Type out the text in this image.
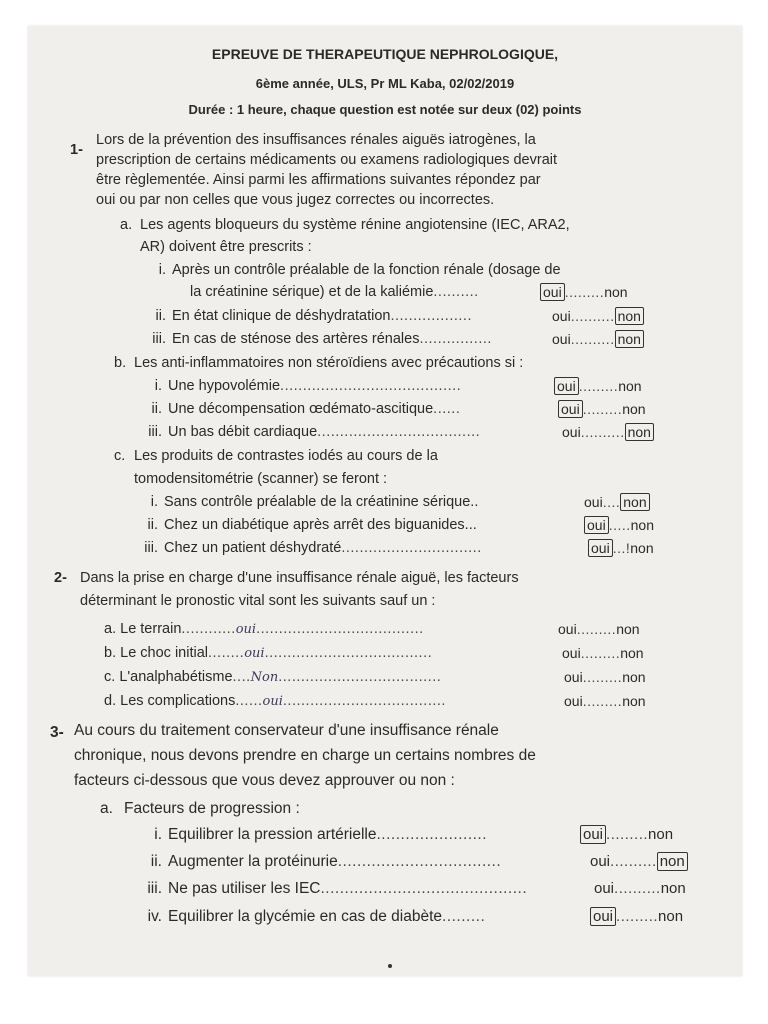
EPREUVE DE THERAPEUTIQUE NEPHROLOGIQUE,
6ème année, ULS, Pr ML Kaba, 02/02/2019
Durée : 1 heure, chaque question est notée sur deux (02) points
1-
Lors de la prévention des insuffisances rénales aiguës iatrogènes, la
prescription de certains médicaments ou examens radiologiques devrait
être règlementée. Ainsi parmi les affirmations suivantes répondez par
oui ou par non celles que vous jugez correctes ou incorrectes.
a. Les agents bloqueurs du système rénine angiotensine (IEC, ARA2,
AR) doivent être prescrits :
i. Après un contrôle préalable de la fonction rénale (dosage de
la créatinine sérique) et de la kaliémie..........	oui .........non
ii. En état clinique de déshydratation..................	oui.......... non
iii. En cas de sténose des artères rénales................	oui.......... non
b. Les anti-inflammatoires non stéroïdiens avec précautions si :
i. Une hypovolémie........................................	oui .........non
ii. Une décompensation œdémato-ascitique......	oui .........non
iii. Un bas débit cardiaque....................................	oui.......... non
c. Les produits de contrastes iodés au cours de la
tomodensitométrie (scanner) se feront :
i. Sans contrôle préalable de la créatinine sérique..	oui.... non
ii. Chez un diabétique après arrêt des biguanides...	oui .....non
iii. Chez un patient déshydraté...............................	oui ...!non
2- Dans la prise en charge d'une insuffisance rénale aiguë, les facteurs
déterminant le pronostic vital sont les suivants sauf un :
a. Le terrain............oui.....................................	oui.........non
b. Le choc initial........oui.....................................	oui.........non
c. L'analphabétisme....Non....................................	oui.........non
d. Les complications......oui....................................	oui.........non
3- Au cours du traitement conservateur d'une insuffisance rénale
chronique, nous devons prendre en charge un certains nombres de
facteurs ci-dessous que vous devez approuver ou non :
a. Facteurs de progression :
i. Equilibrer la pression artérielle.......................	oui .........non
ii. Augmenter la protéinurie..................................	oui.......... non
iii. Ne pas utiliser les IEC...........................................	oui..........non
iv. Equilibrer la glycémie en cas de diabète.........	oui .........non
